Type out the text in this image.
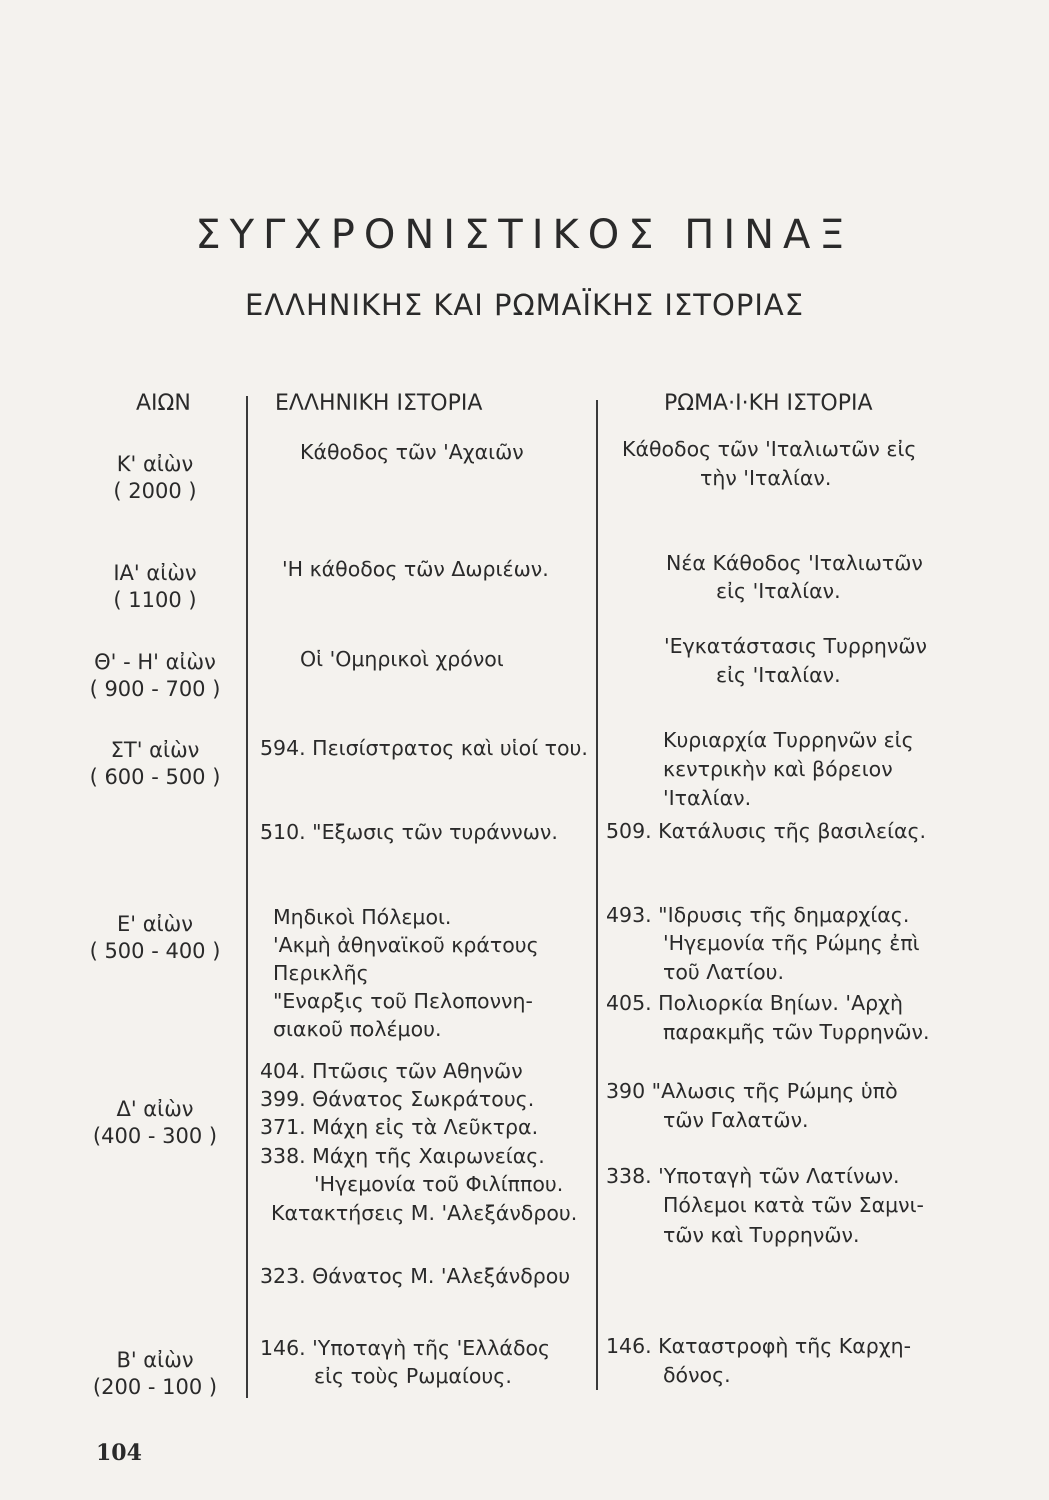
ΣΥΓΧΡΟΝΙΣΤΙΚΟΣ ΠΙΝΑΞ
ΕΛΛΗΝΙΚΗΣ ΚΑΙ ΡΩΜΑΪΚΗΣ ΙΣΤΟΡΙΑΣ
ΑΙΩΝ	ΕΛΛΗΝΙΚΗ ΙΣΤΟΡΙΑ	ΡΩΜΑ·Ι·ΚΗ ΙΣΤΟΡΙΑ
Κ' αἰὼν
( 2000 )
ΙΑ' αἰὼν
( 1100 )
Θ' - Η' αἰὼν
( 900 - 700 )
ΣΤ' αἰὼν
( 600 - 500 )
Ε' αἰὼν
( 500 - 400 )
Δ' αἰὼν
(400 - 300 )
Β' αἰὼν
(200 - 100 )
Κάθοδος τῶν 'Αχαιῶν
'Η κάθοδος τῶν Δωριέων.
Οἱ 'Ομηρικοὶ χρόνοι
594. Πεισίστρατος καὶ υἱοί του.
510. "Εξωσις τῶν τυράννων.
Μηδικοὶ Πόλεμοι.
'Ακμὴ ἀθηναϊκοῦ κράτους
Περικλῆς
"Εναρξις τοῦ Πελοποννη-
σιακοῦ πολέμου.
404. Πτῶσις τῶν Αθηνῶν
399. Θάνατος Σωκράτους.
371. Μάχη εἰς τὰ Λεῦκτρα.
338. Μάχη τῆς Χαιρωνείας.
'Ηγεμονία τοῦ Φιλίππου.
Κατακτήσεις Μ. 'Αλεξάνδρου.
323. Θάνατος Μ. 'Αλεξάνδρου
146. 'Υποταγὴ τῆς 'Ελλάδος
εἰς τοὺς Ρωμαίους.
Κάθοδος τῶν 'Ιταλιωτῶν εἰς
τὴν 'Ιταλίαν.
Νέα Κάθοδος 'Ιταλιωτῶν
εἰς 'Ιταλίαν.
'Εγκατάστασις Τυρρηνῶν
εἰς 'Ιταλίαν.
Κυριαρχία Τυρρηνῶν εἰς
κεντρικὴν καὶ βόρειον
'Ιταλίαν.
509. Κατάλυσις τῆς βασιλείας.
493. "Ιδρυσις τῆς δημαρχίας.
'Ηγεμονία τῆς Ρώμης ἐπὶ
τοῦ Λατίου.
405. Πολιορκία Βηίων. 'Αρχὴ
παρακμῆς τῶν Τυρρηνῶν.
390 "Αλωσις τῆς Ρώμης ὑπὸ
τῶν Γαλατῶν.
338. 'Υποταγὴ τῶν Λατίνων.
Πόλεμοι κατὰ τῶν Σαμνι-
τῶν καὶ Τυρρηνῶν.
146. Καταστροφὴ τῆς Καρχη-
δόνος.
104
